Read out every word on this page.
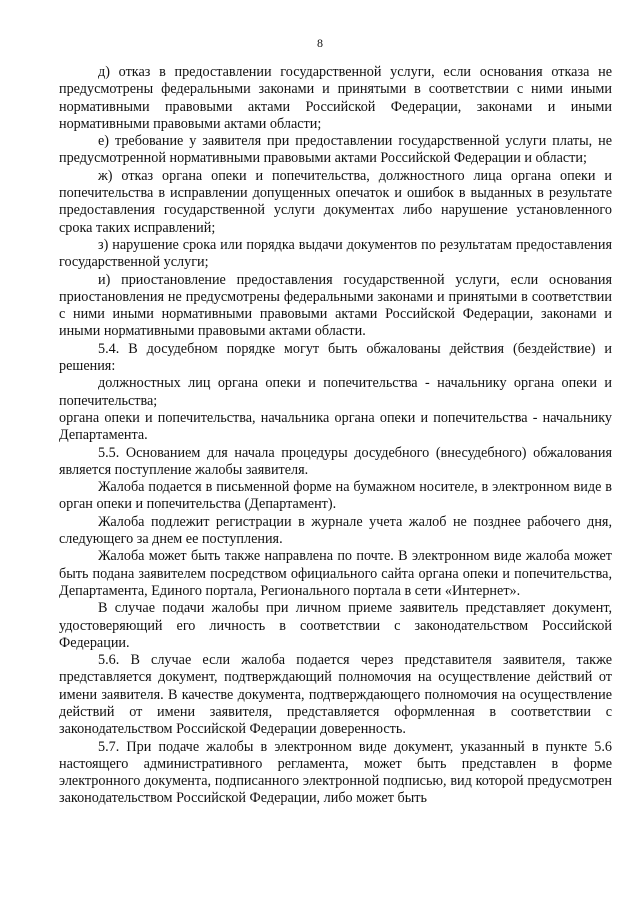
8

д) отказ в предоставлении государственной услуги, если основания отказа не предусмотрены федеральными законами и принятыми в соответствии с ними иными нормативными правовыми актами Российской Федерации, законами и иными нормативными правовыми актами области;

е) требование у заявителя при предоставлении государственной услуги платы, не предусмотренной нормативными правовыми актами Российской Федерации и области;

ж) отказ органа опеки и попечительства, должностного лица органа опеки и попечительства в исправлении допущенных опечаток и ошибок в выданных в результате предоставления государственной услуги документах либо нарушение установленного срока таких исправлений;

з) нарушение срока или порядка выдачи документов по результатам предоставления государственной услуги;

и) приостановление предоставления государственной услуги, если основания приостановления не предусмотрены федеральными законами и принятыми в соответствии с ними иными нормативными правовыми актами Российской Федерации, законами и иными нормативными правовыми актами области.

5.4. В досудебном порядке могут быть обжалованы действия (бездействие) и решения:

должностных лиц органа опеки и попечительства - начальнику органа опеки и попечительства;

органа опеки и попечительства, начальника органа опеки и попечительства - начальнику Департамента.

5.5. Основанием для начала процедуры досудебного (внесудебного) обжалования является поступление жалобы заявителя.

Жалоба подается в письменной форме на бумажном носителе, в электронном виде в орган опеки и попечительства (Департамент).

Жалоба подлежит регистрации в журнале учета жалоб не позднее рабочего дня, следующего за днем ее поступления.

Жалоба может быть также направлена по почте. В электронном виде жалоба может быть подана заявителем посредством официального сайта органа опеки и попечительства, Департамента, Единого портала, Регионального портала в сети «Интернет».

В случае подачи жалобы при личном приеме заявитель представляет документ, удостоверяющий его личность в соответствии с законодательством Российской Федерации.

5.6. В случае если жалоба подается через представителя заявителя, также представляется документ, подтверждающий полномочия на осуществление действий от имени заявителя. В качестве документа, подтверждающего полномочия на осуществление действий от имени заявителя, представляется оформленная в соответствии с законодательством Российской Федерации доверенность.

5.7. При подаче жалобы в электронном виде документ, указанный в пункте 5.6 настоящего административного регламента, может быть представлен в форме электронного документа, подписанного электронной подписью, вид которой предусмотрен законодательством Российской Федерации, либо может быть
